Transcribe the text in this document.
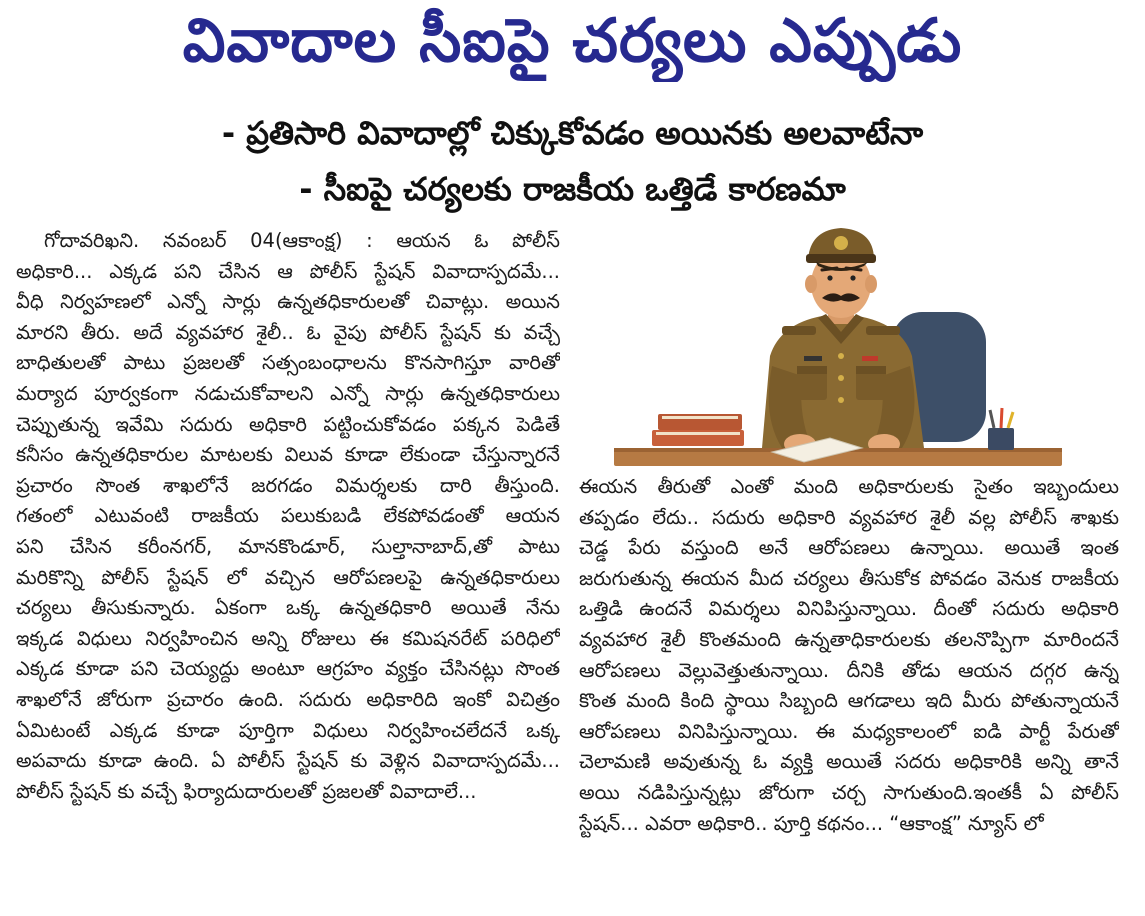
వివాదాల సీఐపై చర్యలు ఎప్పుడు
- ప్రతిసారి వివాదాల్లో చిక్కుకోవడం అయినకు అలవాటేనా
- సీఐపై చర్యలకు రాజకీయ ఒత్తిడే కారణమా
గోదావరిఖని. నవంబర్ 04(ఆకాంక్ష) : ఆయన ఓ పోలీస్
అధికారి... ఎక్కడ పని చేసిన ఆ పోలీస్ స్టేషన్ వివాదాస్పదమే...
వీధి నిర్వహణలో ఎన్నో సార్లు ఉన్నతధికారులతో చివాట్లు. అయిన
మారని తీరు. అదే వ్యవహార శైలీ.. ఓ వైపు పోలీస్ స్టేషన్ కు వచ్చే
బాధితులతో పాటు ప్రజలతో సత్సంబంధాలను కొనసాగిస్తూ వారితో
మర్యాద పూర్వకంగా నడుచుకోవాలని ఎన్నో సార్లు ఉన్నతధికారులు
చెప్పుతున్న ఇవేమి సదురు అధికారి పట్టించుకోవడం పక్కన పెడితే
కనీసం ఉన్నతధికారుల మాటలకు విలువ కూడా లేకుండా చేస్తున్నారనే
ప్రచారం సొంత శాఖలోనే జరగడం విమర్శలకు దారి తీస్తుంది.
గతంలో ఎటువంటి రాజకీయ పలుకుబడి లేకపోవడంతో ఆయన
పని చేసిన కరీంనగర్, మానకొండూర్, సుల్తానాబాద్,తో పాటు
మరికొన్ని పోలీస్ స్టేషన్ లో వచ్చిన ఆరోపణలపై ఉన్నతధికారులు
చర్యలు తీసుకున్నారు. ఏకంగా ఒక్క ఉన్నతధికారి అయితే నేను
ఇక్కడ విధులు నిర్వహించిన అన్ని రోజులు ఈ కమిషనరేట్ పరిధిలో
ఎక్కడ కూడా పని చెయ్యద్దు అంటూ ఆగ్రహం వ్యక్తం చేసినట్లు సొంత
శాఖలోనే జోరుగా ప్రచారం ఉంది. సదురు అధికారిది ఇంకో విచిత్రం
ఏమిటంటే ఎక్కడ కూడా పూర్తిగా విధులు నిర్వహించలేదనే ఒక్క
అపవాదు కూడా ఉంది. ఏ పోలీస్ స్టేషన్ కు వెళ్లిన వివాదాస్పదమే...
పోలీస్ స్టేషన్ కు వచ్చే ఫిర్యాదుదారులతో ప్రజలతో వివాదాలే...
ఈయన తీరుతో ఎంతో మంది అధికారులకు సైతం ఇబ్బందులు
తప్పడం లేదు.. సదురు అధికారి వ్యవహార శైలీ వల్ల పోలీస్ శాఖకు
చెడ్డ పేరు వస్తుంది అనే ఆరోపణలు ఉన్నాయి. అయితే ఇంత
జరుగుతున్న ఈయన మీద చర్యలు తీసుకోక పోవడం వెనుక రాజకీయ
ఒత్తిడి ఉందనే విమర్శలు వినిపిస్తున్నాయి. దీంతో సదురు అధికారి
వ్యవహార శైలీ కొంతమంది ఉన్నతాధికారులకు తలనొప్పిగా మారిందనే
ఆరోపణలు వెల్లువెత్తుతున్నాయి. దీనికి తోడు ఆయన దగ్గర ఉన్న
కొంత మంది కింది స్థాయి సిబ్బంది ఆగడాలు ఇది మీరు పోతున్నాయనే
ఆరోపణలు వినిపిస్తున్నాయి. ఈ మధ్యకాలంలో ఐడి పార్టీ పేరుతో
చెలామణి అవుతున్న ఓ వ్యక్తి అయితే సదరు అధికారికి అన్ని తానే
అయి నడిపిస్తున్నట్లు జోరుగా చర్చ సాగుతుంది.ఇంతకీ ఏ పోలీస్
స్టేషన్... ఎవరా అధికారి.. పూర్తి కథనం... “ఆకాంక్ష” న్యూస్ లో
